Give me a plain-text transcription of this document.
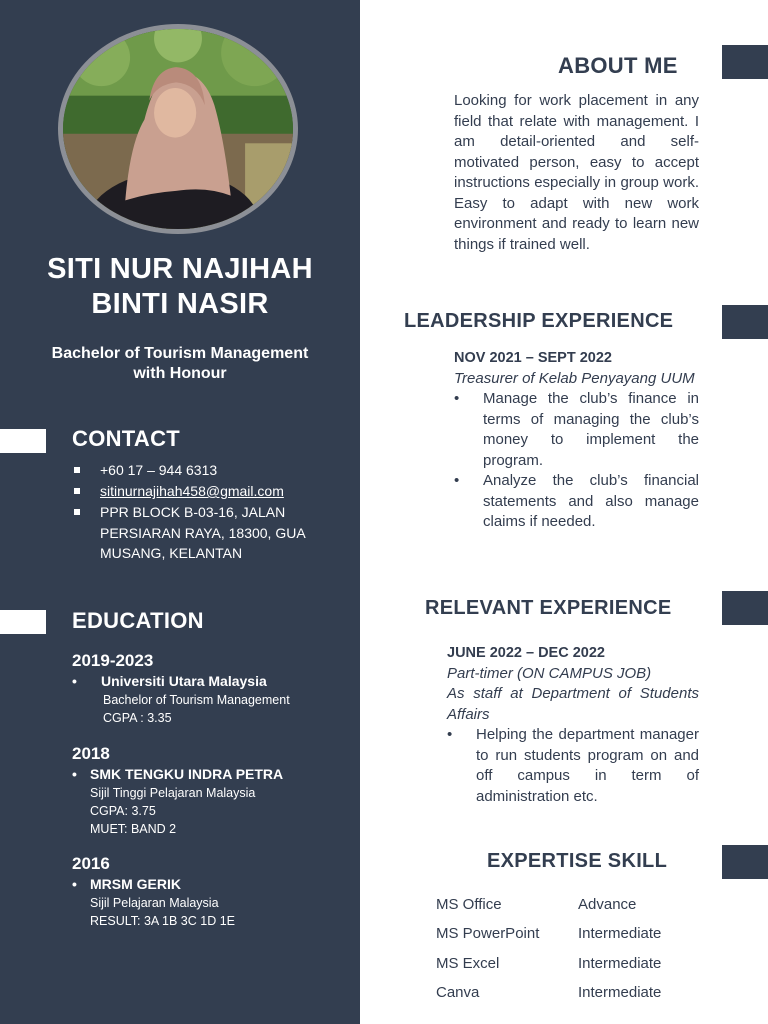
SITI NUR NAJIHAH
BINTI NASIR
Bachelor of Tourism Management
with Honour
CONTACT
+60 17 – 944 6313
sitinurnajihah458@gmail.com
PPR BLOCK B-03-16, JALAN
PERSIARAN RAYA, 18300, GUA
MUSANG, KELANTAN
EDUCATION
2019-2023
• Universiti Utara Malaysia
Bachelor of Tourism Management
CGPA : 3.35
2018
• SMK TENGKU INDRA PETRA
Sijil Tinggi Pelajaran Malaysia
CGPA: 3.75
MUET: BAND 2
2016
• MRSM GERIK
Sijil Pelajaran Malaysia
RESULT: 3A 1B 3C 1D 1E
ABOUT ME
Looking for work placement in any field that relate with management. I am detail-oriented and self-motivated person, easy to accept instructions especially in group work. Easy to adapt with new work environment and ready to learn new things if trained well.
LEADERSHIP EXPERIENCE
NOV 2021 – SEPT 2022
Treasurer of Kelab Penyayang UUM
• Manage the club’s finance in terms of managing the club’s money to implement the program.
• Analyze the club’s financial statements and also manage claims if needed.
RELEVANT EXPERIENCE
JUNE 2022 – DEC 2022
Part-timer (ON CAMPUS JOB)
As staff at Department of Students Affairs
• Helping the department manager to run students program on and off campus in term of administration etc.
EXPERTISE SKILL
MS Office	Advance
MS PowerPoint	Intermediate
MS Excel	Intermediate
Canva	Intermediate
